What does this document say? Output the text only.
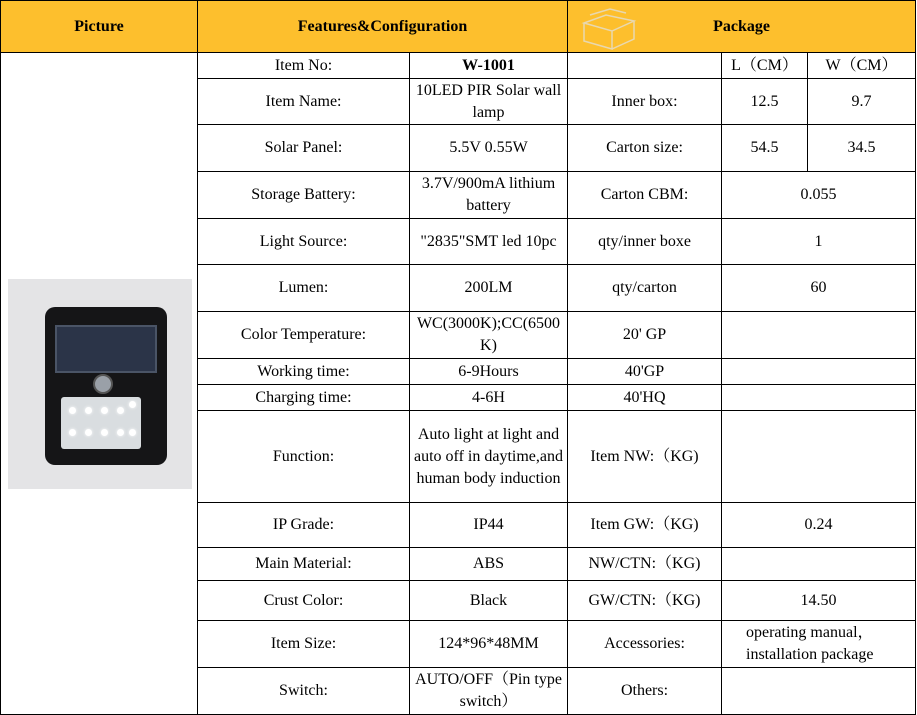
Picture	Features&Configuration		Package		

	Item No:	W-1001		L（CM）	W（CM）
	Item Name:	10LED PIR Solar wall lamp	Inner box:	12.5	9.7
	Solar Panel:	5.5V 0.55W	Carton size:	54.5	34.5
	Storage Battery:	3.7V/900mA lithium battery	Carton CBM:	0.055	
	Light Source:	"2835"SMT led 10pc	qty/inner boxe	1	
	Lumen:	200LM	qty/carton	60	
	Color Temperature:	WC(3000K);CC(6500K)	20' GP		
	Working time:	6-9Hours	40'GP		
	Charging time:	4-6H	40'HQ		
	Function:	Auto light at light and auto off in daytime,and human body induction	Item NW:（KG)		
	IP Grade:	IP44	Item GW:（KG)	0.24	
	Main Material:	ABS	NW/CTN:（KG)		
	Crust Color:	Black	GW/CTN:（KG)	14.50	
	Item Size:	124*96*48MM	Accessories:	operating manual，installation package	
	Switch:	AUTO/OFF（Pin type switch）	Others:		
